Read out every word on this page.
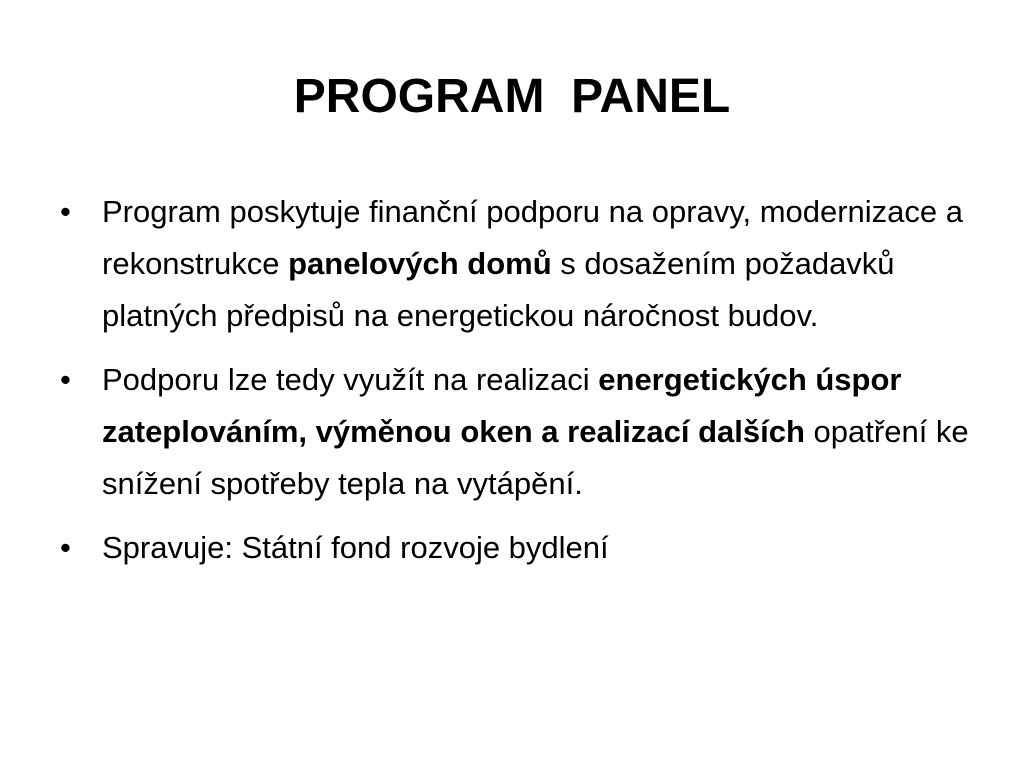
PROGRAM  PANEL
• Program poskytuje finanční podporu na opravy, modernizace a rekonstrukce panelových domů s dosažením požadavků platných předpisů na energetickou náročnost budov.
• Podporu lze tedy využít na realizaci energetických úspor zateplováním, výměnou oken a realizací dalších opatření ke snížení spotřeby tepla na vytápění.
• Spravuje: Státní fond rozvoje bydlení
